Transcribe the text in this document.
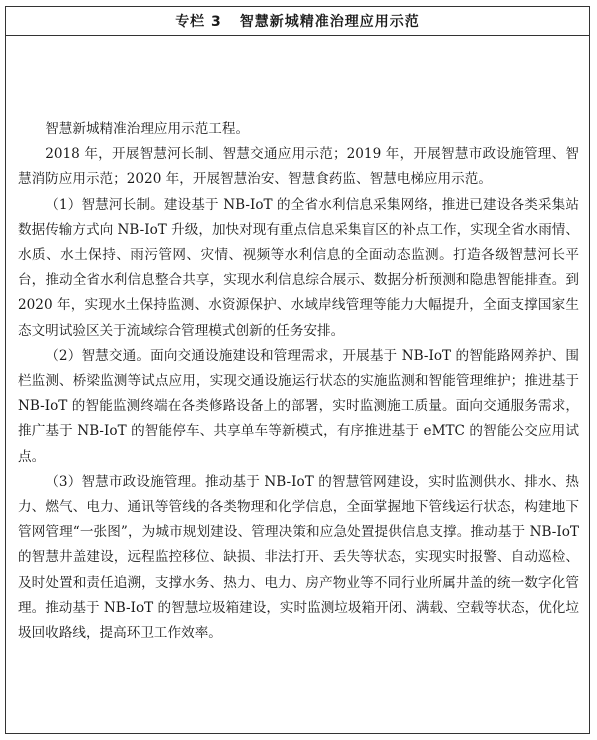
专栏 3 智慧新城精准治理应用示范

智慧新城精准治理应用示范工程。

2018 年，开展智慧河长制、智慧交通应用示范；2019 年，开展智慧市政设施管理、智慧消防应用示范；2020 年，开展智慧治安、智慧食药监、智慧电梯应用示范。

（1）智慧河长制。建设基于 NB-IoT 的全省水利信息采集网络，推进已建设各类采集站数据传输方式向 NB-IoT 升级，加快对现有重点信息采集盲区的补点工作，实现全省水雨情、水质、水土保持、雨污管网、灾情、视频等水利信息的全面动态监测。打造各级智慧河长平台，推动全省水利信息整合共享，实现水利信息综合展示、数据分析预测和隐患智能排查。到 2020 年，实现水土保持监测、水资源保护、水域岸线管理等能力大幅提升，全面支撑国家生态文明试验区关于流域综合管理模式创新的任务安排。

（2）智慧交通。面向交通设施建设和管理需求，开展基于 NB-IoT 的智能路网养护、围栏监测、桥梁监测等试点应用，实现交通设施运行状态的实施监测和智能管理维护；推进基于 NB-IoT 的智能监测终端在各类修路设备上的部署，实时监测施工质量。面向交通服务需求，推广基于 NB-IoT 的智能停车、共享单车等新模式，有序推进基于 eMTC 的智能公交应用试点。

（3）智慧市政设施管理。推动基于 NB-IoT 的智慧管网建设，实时监测供水、排水、热力、燃气、电力、通讯等管线的各类物理和化学信息，全面掌握地下管线运行状态，构建地下管网管理“一张图”，为城市规划建设、管理决策和应急处置提供信息支撑。推动基于 NB-IoT 的智慧井盖建设，远程监控移位、缺损、非法打开、丢失等状态，实现实时报警、自动巡检、及时处置和责任追溯，支撑水务、热力、电力、房产物业等不同行业所属井盖的统一数字化管理。推动基于 NB-IoT 的智慧垃圾箱建设，实时监测垃圾箱开闭、满载、空载等状态，优化垃圾回收路线，提高环卫工作效率。
